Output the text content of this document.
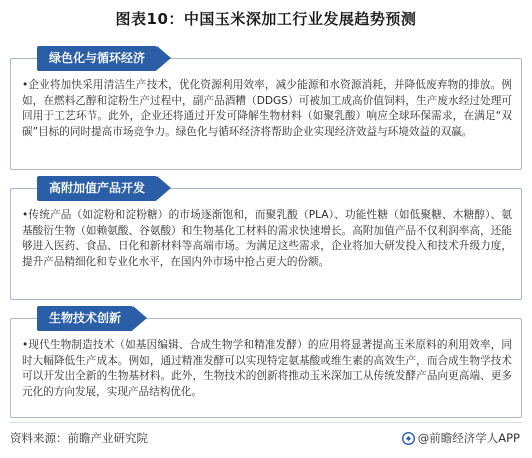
图表10：中国玉米深加工行业发展趋势预测
绿色化与循环经济
•企业将加快采用清洁生产技术，优化资源利用效率，减少能源和水资源消耗，并降低废弃物的排放。例如，在燃料乙醇和淀粉生产过程中，副产品酒糟（DDGS）可被加工成高价值饲料，生产废水经过处理可回用于工艺环节。此外，企业还将通过开发可降解生物材料（如聚乳酸）响应全球环保需求，在满足“双碳”目标的同时提高市场竞争力。绿色化与循环经济将帮助企业实现经济效益与环境效益的双赢。
高附加值产品开发
•传统产品（如淀粉和淀粉糖）的市场逐渐饱和，而聚乳酸（PLA）、功能性糖（如低聚糖、木糖醇）、氨基酸衍生物（如赖氨酸、谷氨酸）和生物基化工材料的需求快速增长。高附加值产品不仅利润率高，还能够进入医药、食品、日化和新材料等高端市场。为满足这些需求，企业将加大研发投入和技术升级力度，提升产品精细化和专业化水平，在国内外市场中抢占更大的份额。
生物技术创新
•现代生物制造技术（如基因编辑、合成生物学和精准发酵）的应用将显著提高玉米原料的利用效率，同时大幅降低生产成本。例如，通过精准发酵可以实现特定氨基酸或维生素的高效生产，而合成生物学技术可以开发出全新的生物基材料。此外，生物技术的创新将推动玉米深加工从传统发酵产品向更高端、更多元化的方向发展，实现产品结构优化。
资料来源：前瞻产业研究院	@前瞻经济学人APP
